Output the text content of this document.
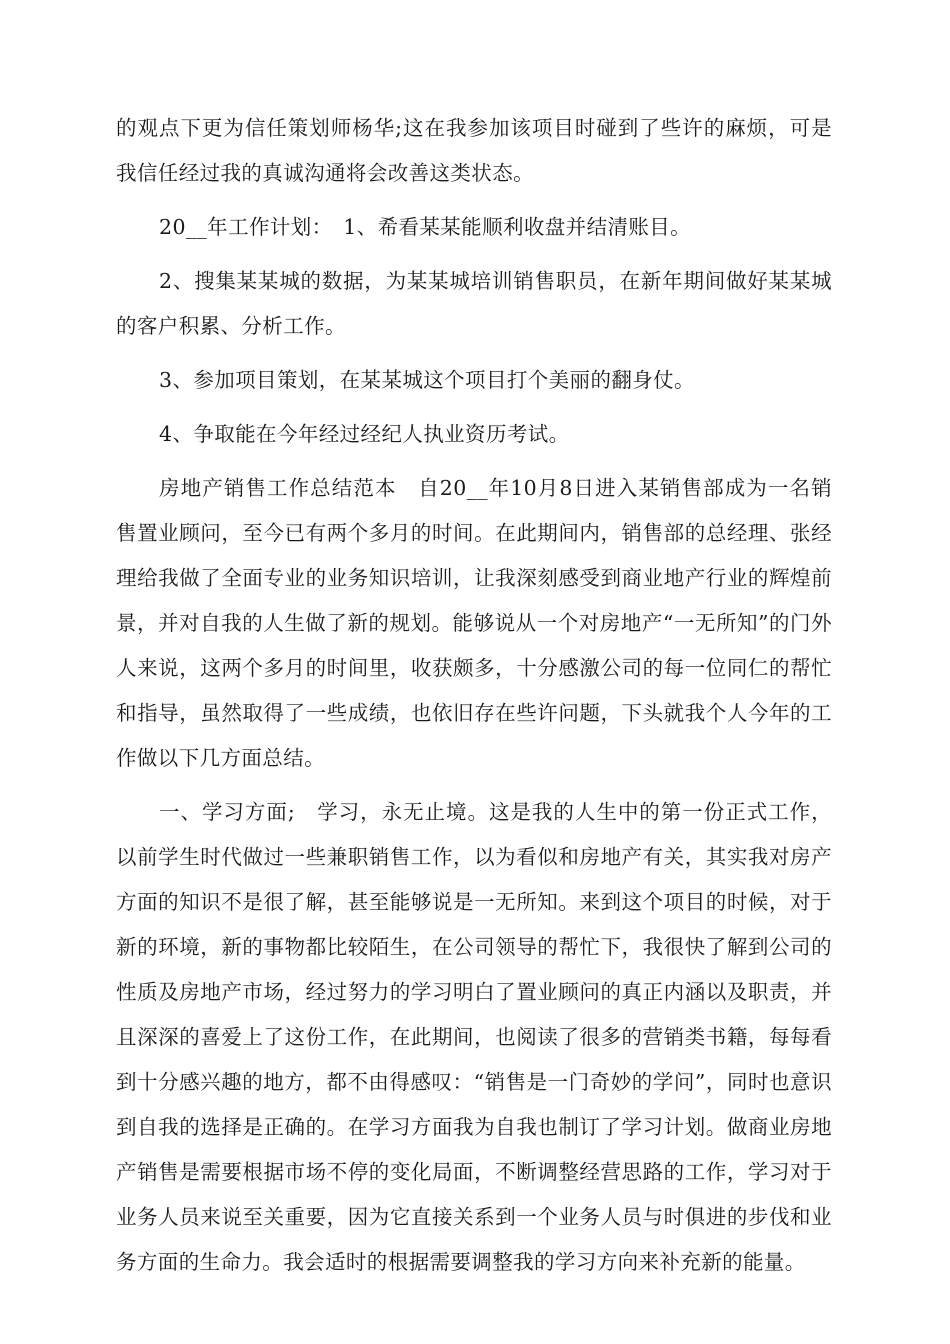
的观点下更为信任策划师杨华;这在我参加该项目时碰到了些许的麻烦，可是我信任经过我的真诚沟通将会改善这类状态。

20__年工作计划：　1、希看某某能顺利收盘并结清账目。

2、搜集某某城的数据，为某某城培训销售职员，在新年期间做好某某城的客户积累、分析工作。

3、参加项目策划，在某某城这个项目打个美丽的翻身仗。

4、争取能在今年经过经纪人执业资历考试。

房地产销售工作总结范本　自20__年10月8日进入某销售部成为一名销售置业顾问，至今已有两个多月的时间。在此期间内，销售部的总经理、张经理给我做了全面专业的业务知识培训，让我深刻感受到商业地产行业的辉煌前景，并对自我的人生做了新的规划。能够说从一个对房地产“一无所知”的门外人来说，这两个多月的时间里，收获颇多，十分感激公司的每一位同仁的帮忙和指导，虽然取得了一些成绩，也依旧存在些许问题，下头就我个人今年的工作做以下几方面总结。

一、学习方面;　学习，永无止境。这是我的人生中的第一份正式工作，以前学生时代做过一些兼职销售工作，以为看似和房地产有关，其实我对房产方面的知识不是很了解，甚至能够说是一无所知。来到这个项目的时候，对于新的环境，新的事物都比较陌生，在公司领导的帮忙下，我很快了解到公司的性质及房地产市场，经过努力的学习明白了置业顾问的真正内涵以及职责，并且深深的喜爱上了这份工作，在此期间，也阅读了很多的营销类书籍，每每看到十分感兴趣的地方，都不由得感叹：“销售是一门奇妙的学问”，同时也意识到自我的选择是正确的。在学习方面我为自我也制订了学习计划。做商业房地产销售是需要根据市场不停的变化局面，不断调整经营思路的工作，学习对于业务人员来说至关重要，因为它直接关系到一个业务人员与时俱进的步伐和业务方面的生命力。我会适时的根据需要调整我的学习方向来补充新的能量。
